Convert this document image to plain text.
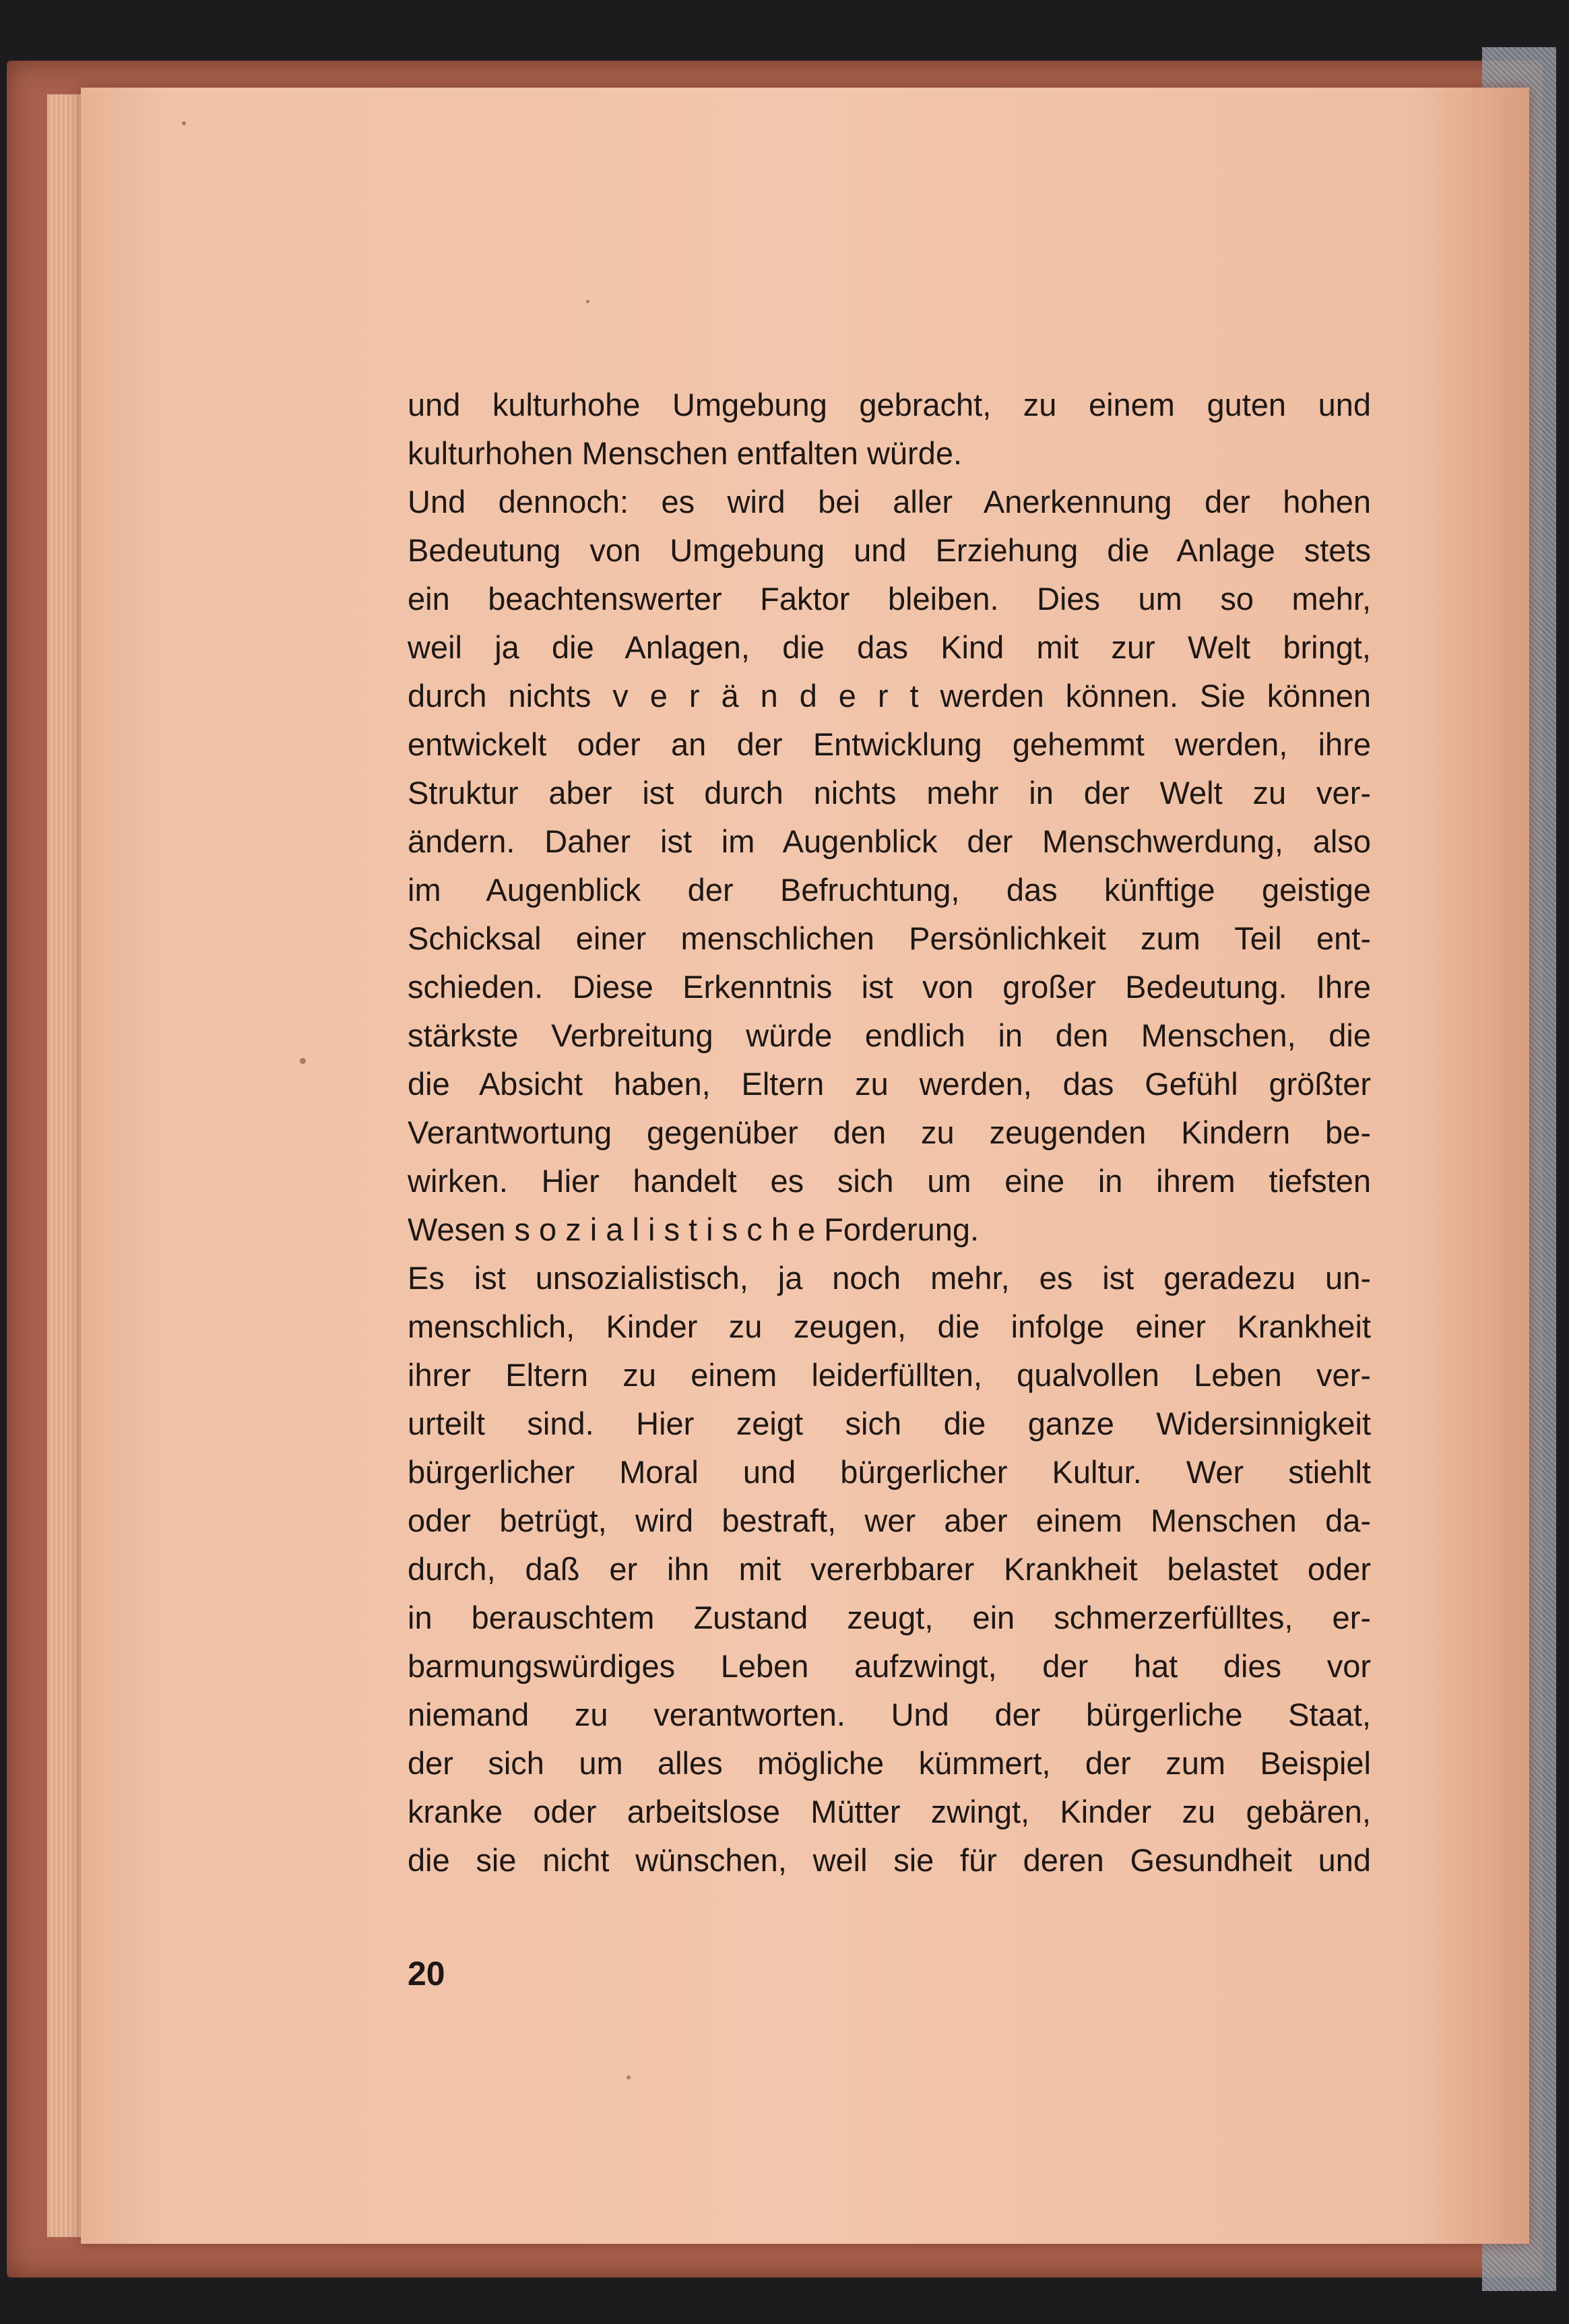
und kulturhohe Umgebung gebracht, zu einem guten und
kulturhohen Menschen entfalten würde.
Und dennoch: es wird bei aller Anerkennung der hohen
Bedeutung von Umgebung und Erziehung die Anlage stets
ein beachtenswerter Faktor bleiben. Dies um so mehr,
weil ja die Anlagen, die das Kind mit zur Welt bringt,
durch nichts v e r ä n d e r t werden können. Sie können
entwickelt oder an der Entwicklung gehemmt werden, ihre
Struktur aber ist durch nichts mehr in der Welt zu ver-
ändern. Daher ist im Augenblick der Menschwerdung, also
im Augenblick der Befruchtung, das künftige geistige
Schicksal einer menschlichen Persönlichkeit zum Teil ent-
schieden. Diese Erkenntnis ist von großer Bedeutung. Ihre
stärkste Verbreitung würde endlich in den Menschen, die
die Absicht haben, Eltern zu werden, das Gefühl größter
Verantwortung gegenüber den zu zeugenden Kindern be-
wirken. Hier handelt es sich um eine in ihrem tiefsten
Wesen s o z i a l i s t i s c h e Forderung.
Es ist unsozialistisch, ja noch mehr, es ist geradezu un-
menschlich, Kinder zu zeugen, die infolge einer Krankheit
ihrer Eltern zu einem leiderfüllten, qualvollen Leben ver-
urteilt sind. Hier zeigt sich die ganze Widersinnigkeit
bürgerlicher Moral und bürgerlicher Kultur. Wer stiehlt
oder betrügt, wird bestraft, wer aber einem Menschen da-
durch, daß er ihn mit vererbbarer Krankheit belastet oder
in berauschtem Zustand zeugt, ein schmerzerfülltes, er-
barmungswürdiges Leben aufzwingt, der hat dies vor
niemand zu verantworten. Und der bürgerliche Staat,
der sich um alles mögliche kümmert, der zum Beispiel
kranke oder arbeitslose Mütter zwingt, Kinder zu gebären,
die sie nicht wünschen, weil sie für deren Gesundheit und
20
